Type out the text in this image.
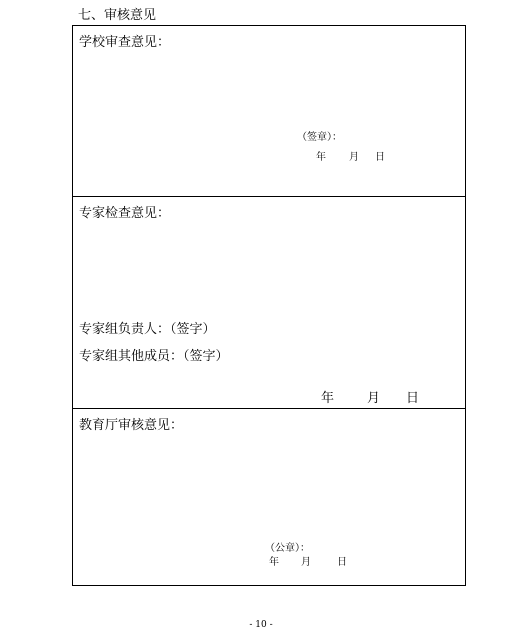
七、审核意见
学校审查意见：
（签章）：
年 月 日
专家检查意见：
专家组负责人：（签字）
专家组其他成员：（签字）
年	月 日
教育厅审核意见：
（公章）：
年 月	日
- 10 -
